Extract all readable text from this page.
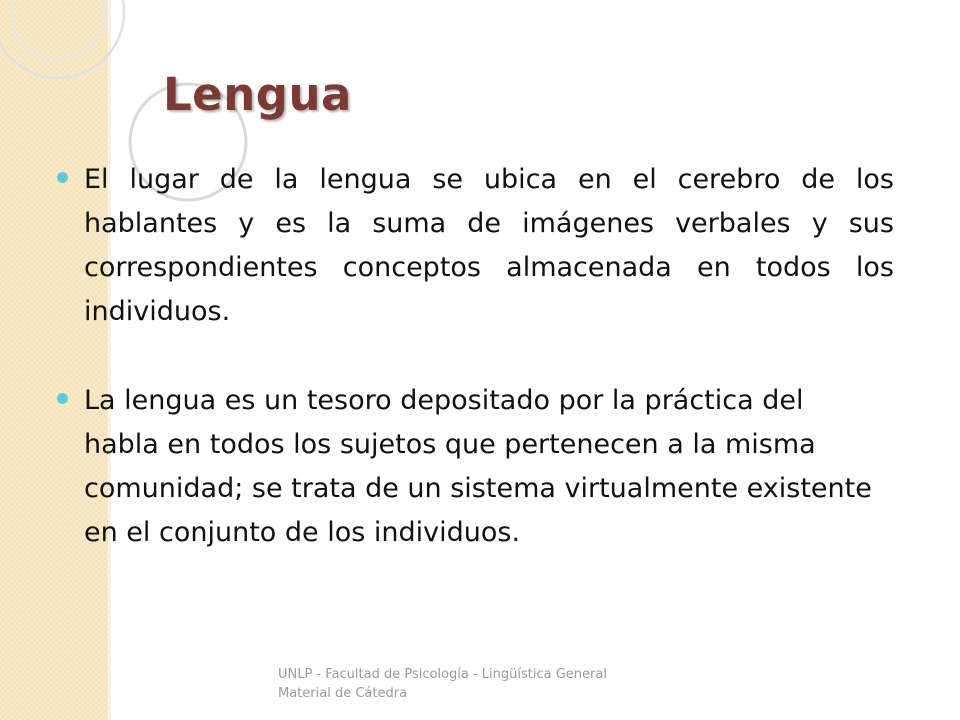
Lengua
El lugar de la lengua se ubica en el cerebro de los hablantes y es la suma de imágenes verbales y sus correspondientes conceptos almacenada en todos los individuos.
La lengua es un tesoro depositado por la práctica del habla en todos los sujetos que pertenecen a la misma comunidad; se trata de un sistema virtualmente existente en el conjunto de los individuos.
UNLP - Facultad de Psicología - Lingüística General
Material de Cátedra
